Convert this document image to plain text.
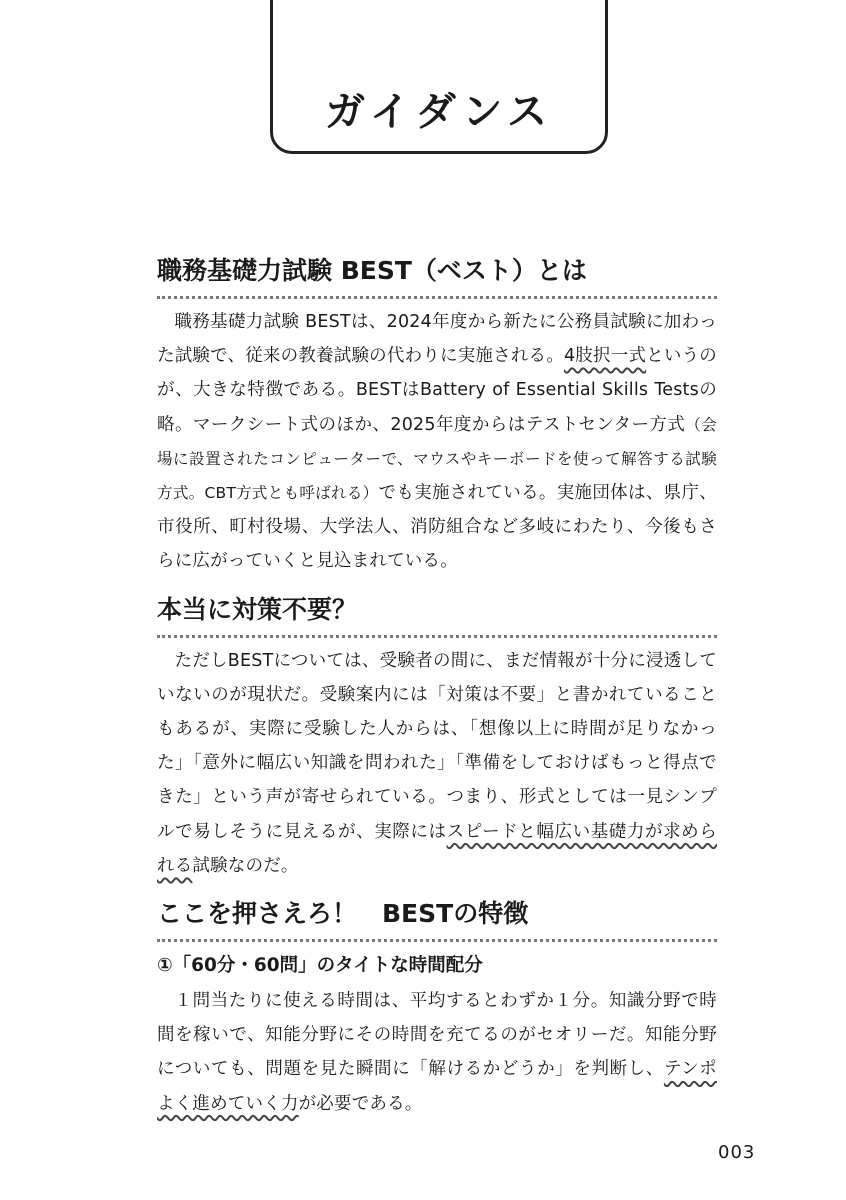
ガイダンス
職務基礎力試験 BEST（ベスト）とは

職務基礎力試験 BESTは、2024年度から新たに公務員試験に加わった試験で、従来の教養試験の代わりに実施される。4肢択一式というのが、大きな特徴である。BESTはBattery of Essential Skills Testsの略。マークシート式のほか、2025年度からはテストセンター方式（会場に設置されたコンピューターで、マウスやキーボードを使って解答する試験方式。CBT方式とも呼ばれる）でも実施されている。実施団体は、県庁、市役所、町村役場、大学法人、消防組合など多岐にわたり、今後もさらに広がっていくと見込まれている。

本当に対策不要？

ただしBESTについては、受験者の間に、まだ情報が十分に浸透していないのが現状だ。受験案内には「対策は不要」と書かれていることもあるが、実際に受験した人からは、「想像以上に時間が足りなかった」「意外に幅広い知識を問われた」「準備をしておけばもっと得点できた」という声が寄せられている。つまり、形式としては一見シンプルで易しそうに見えるが、実際にはスピードと幅広い基礎力が求められる試験なのだ。

ここを押さえろ！　BESTの特徴
①「60分・60問」のタイトな時間配分

１問当たりに使える時間は、平均するとわずか１分。知識分野で時間を稼いで、知能分野にその時間を充てるのがセオリーだ。知能分野についても、問題を見た瞬間に「解けるかどうか」を判断し、テンポよく進めていく力が必要である。

003
